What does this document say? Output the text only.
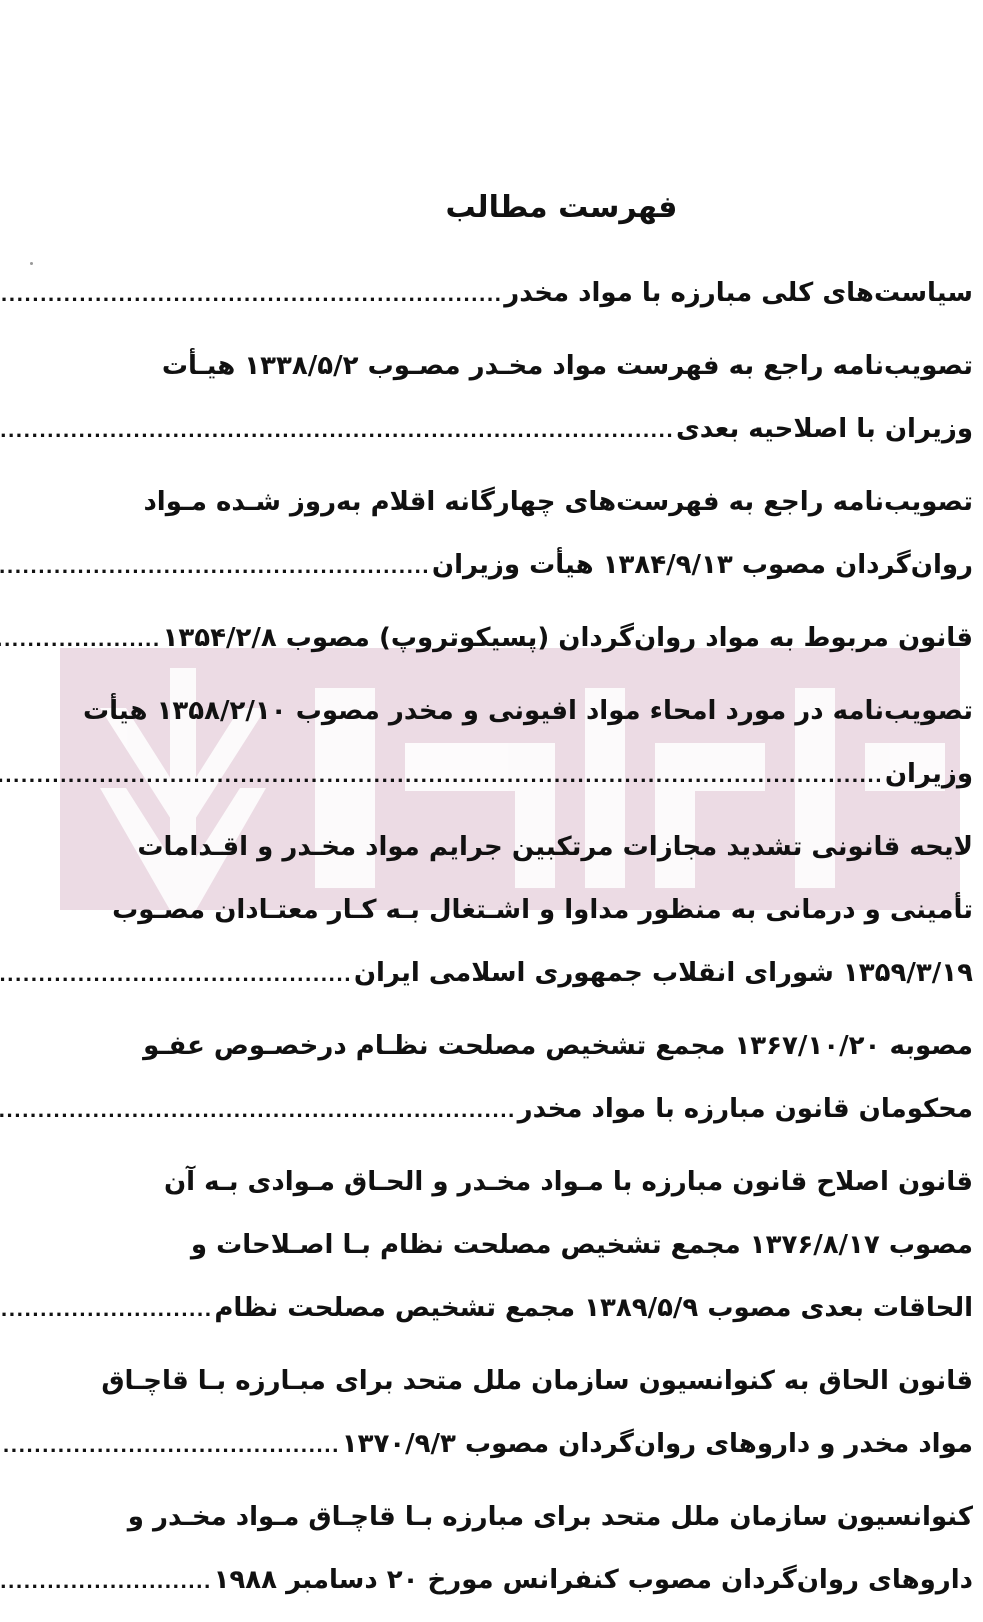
فهرست مطالب
سیاست‌های کلی مبارزه با مواد مخدر
.....
تصویب‌نامه راجع به فهرست مواد مخـدر مصـوب ۱۳۳۸/۵/۲ هیـأت
وزیران با اصلاحیه بعدی
.....
تصویب‌نامه راجع به فهرست‌های چهارگانه اقلام به‌روز شـده مـواد
روان‌گردان مصوب ۱۳۸۴/۹/۱۳ هیأت وزیران
.....
قانون مربوط به مواد روان‌گردان (پسیکوتروپ) مصوب ۱۳۵۴/۲/۸
.....
تصویب‌نامه در مورد امحاء مواد افیونی و مخدر مصوب ۱۳۵۸/۲/۱۰ هیأت
وزیران
.....
لایحه قانونی تشدید مجازات مرتکبین جرایم مواد مخـدر و اقـدامات
تأمینی و درمانی به منظور مداوا و اشـتغال بـه کـار معتـادان مصـوب
۱۳۵۹/۳/۱۹ شورای انقلاب جمهوری اسلامی ایران
.....
مصوبه ۱۳۶۷/۱۰/۲۰ مجمع تشخیص مصلحت نظـام درخصـوص عفـو
محکومان قانون مبارزه با مواد مخدر
.....
قانون اصلاح قانون مبارزه با مـواد مخـدر و الحـاق مـوادی بـه آن
مصوب ۱۳۷۶/۸/۱۷ مجمع تشخیص مصلحت نظام بـا اصـلاحات و
الحاقات بعدی مصوب ۱۳۸۹/۵/۹ مجمع تشخیص مصلحت نظام
.....
قانون الحاق به کنوانسیون سازمان ملل متحد برای مبـارزه بـا قاچـاق
مواد مخدر و داروهای روان‌گردان مصوب ۱۳۷۰/۹/۳
.....
کنوانسیون سازمان ملل متحد برای مبارزه بـا قاچـاق مـواد مخـدر و
داروهای روان‌گردان مصوب کنفرانس مورخ ۲۰ دسامبر ۱۹۸۸
.....
